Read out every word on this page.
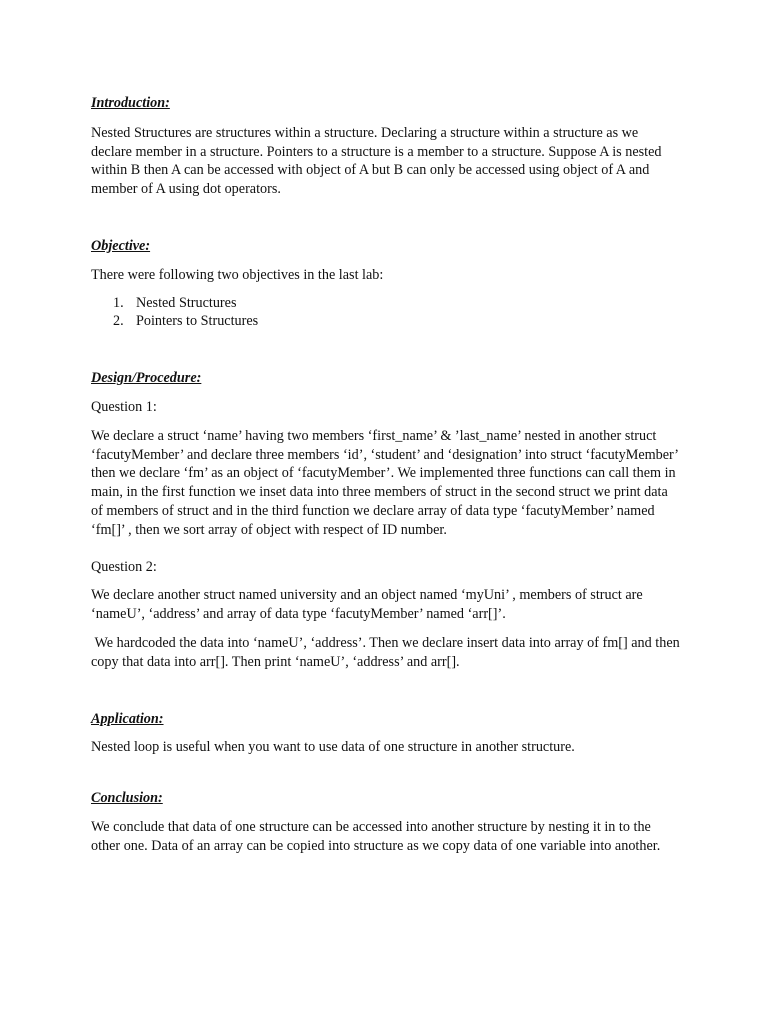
Introduction:

Nested Structures are structures within a structure. Declaring a structure within a structure as we declare member in a structure. Pointers to a structure is a member to a structure. Suppose A is nested within B then A can be accessed with object of A but B can only be accessed using object of A and member of A using dot operators.

Objective:

There were following two objectives in the last lab:

1. Nested Structures
2. Pointers to Structures

Design/Procedure:

Question 1:

We declare a struct ‘name’ having two members ‘first_name’ & ’last_name’ nested in another struct ‘facutyMember’ and declare three members ‘id’, ‘student’ and ‘designation’ into struct ‘facutyMember’ then we declare ‘fm’ as an object of ‘facutyMember’. We implemented three functions can call them in main, in the first function we inset data into three members of struct in the second struct we print data of members of struct and in the third function we declare array of data type ‘facutyMember’ named ‘fm[]’ , then we sort array of object with respect of ID number.

Question 2:

We declare another struct named university and an object named ‘myUni’ , members of struct are ‘nameU’, ‘address’ and array of data type ‘facutyMember’ named ‘arr[]’.

We hardcoded the data into ‘nameU’, ‘address’. Then we declare insert data into array of fm[] and then copy that data into arr[]. Then print ‘nameU’, ‘address’ and arr[].

Application:

Nested loop is useful when you want to use data of one structure in another structure.

Conclusion:

We conclude that data of one structure can be accessed into another structure by nesting it in to the other one. Data of an array can be copied into structure as we copy data of one variable into another.
